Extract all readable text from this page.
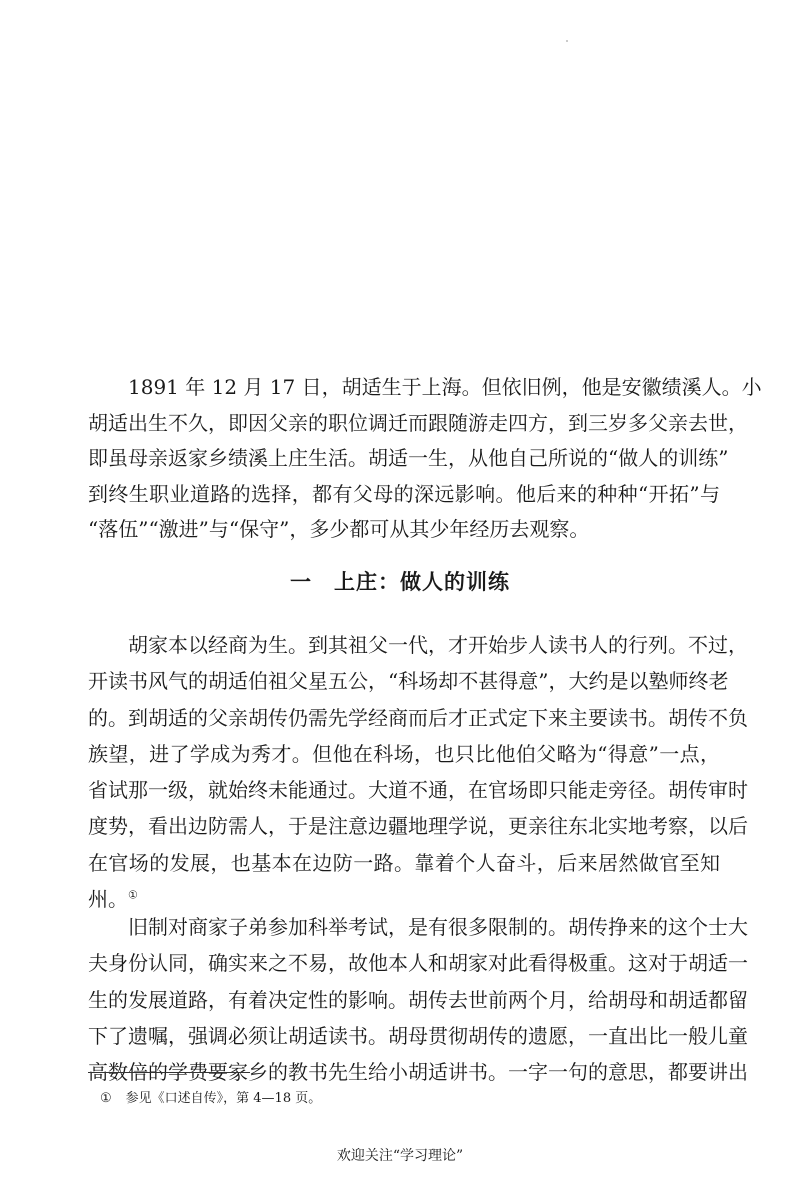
1891 年 12 月 17 日，胡适生于上海。但依旧例，他是安徽绩溪人。小
胡适出生不久，即因父亲的职位调迁而跟随游走四方，到三岁多父亲去世，
即虽母亲返家乡绩溪上庄生活。胡适一生，从他自己所说的“做人的训练”
到终生职业道路的选择，都有父母的深远影响。他后来的种种“开拓”与
“落伍”“激进”与“保守”，多少都可从其少年经历去观察。
一 上庄：做人的训练
胡家本以经商为生。到其祖父一代，才开始步人读书人的行列。不过，
开读书风气的胡适伯祖父星五公，“科场却不甚得意”，大约是以塾师终老
的。到胡适的父亲胡传仍需先学经商而后才正式定下来主要读书。胡传不负
族望，进了学成为秀才。但他在科场，也只比他伯父略为“得意”一点，
省试那一级，就始终未能通过。大道不通，在官场即只能走旁径。胡传审时
度势，看出边防需人，于是注意边疆地理学说，更亲往东北实地考察，以后
在官场的发展，也基本在边防一路。靠着个人奋斗，后来居然做官至知
州。①
旧制对商家子弟参加科举考试，是有很多限制的。胡传挣来的这个士大
夫身份认同，确实来之不易，故他本人和胡家对此看得极重。这对于胡适一
生的发展道路，有着决定性的影响。胡传去世前两个月，给胡母和胡适都留
下了遗嘱，强调必须让胡适读书。胡母贯彻胡传的遗愿，一直出比一般儿童
高数倍的学费要家乡的教书先生给小胡适讲书。一字一句的意思，都要讲出
① 参见《口述自传》，第 4—18 页。
欢迎关注“学习理论”
